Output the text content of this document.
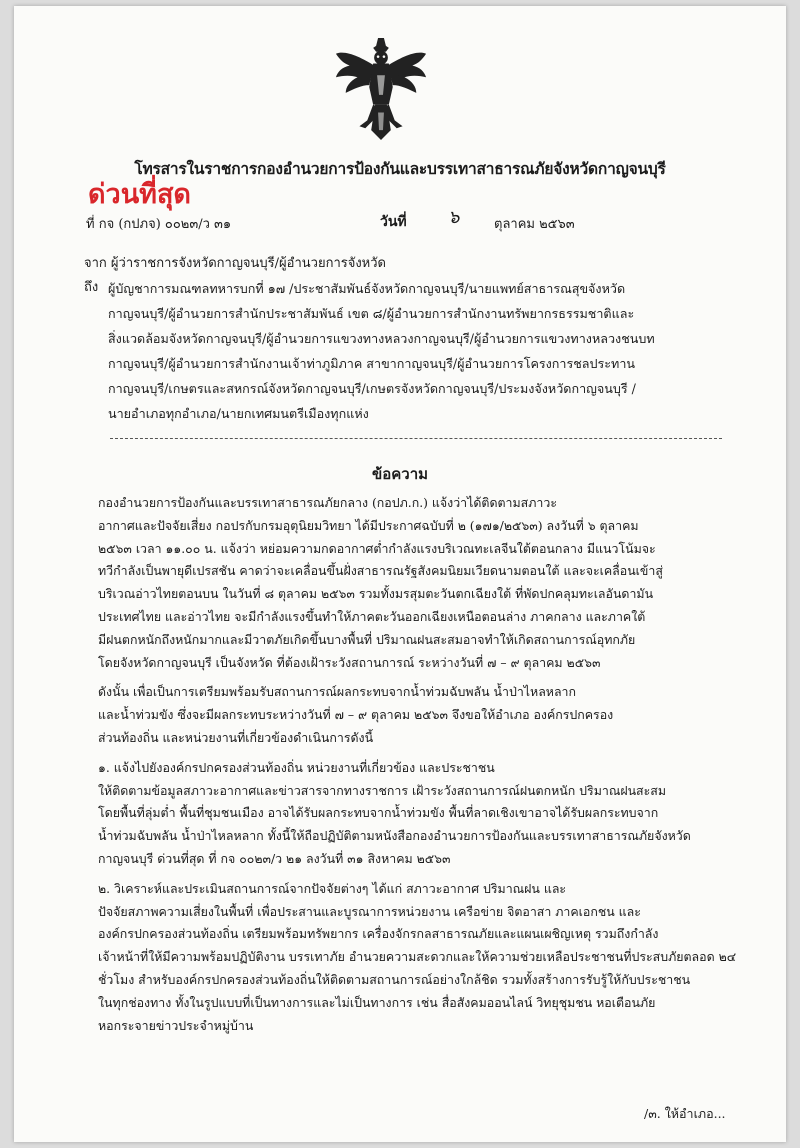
โทรสารในราชการกองอำนวยการป้องกันและบรรเทาสาธารณภัยจังหวัดกาญจนบุรี
ด่วนที่สุด
ที่ กจ (กปภจ) ๐๐๒๓/ว ๓๑	วันที่ ๖	ตุลาคม ๒๕๖๓
จาก ผู้ว่าราชการจังหวัดกาญจนบุรี/ผู้อำนวยการจังหวัด
ถึง ผู้บัญชาการมณฑลทหารบกที่ ๑๗ /ประชาสัมพันธ์จังหวัดกาญจนบุรี/นายแพทย์สาธารณสุขจังหวัด
กาญจนบุรี/ผู้อำนวยการสำนักประชาสัมพันธ์ เขต ๘/ผู้อำนวยการสำนักงานทรัพยากรธรรมชาติและ
สิ่งแวดล้อมจังหวัดกาญจนบุรี/ผู้อำนวยการแขวงทางหลวงกาญจนบุรี/ผู้อำนวยการแขวงทางหลวงชนบท
กาญจนบุรี/ผู้อำนวยการสำนักงานเจ้าท่าภูมิภาค สาขากาญจนบุรี/ผู้อำนวยการโครงการชลประทาน
กาญจนบุรี/เกษตรและสหกรณ์จังหวัดกาญจนบุรี/เกษตรจังหวัดกาญจนบุรี/ประมงจังหวัดกาญจนบุรี /
นายอำเภอทุกอำเภอ/นายกเทศมนตรีเมืองทุกแห่ง
ข้อความ
กองอำนวยการป้องกันและบรรเทาสาธารณภัยกลาง (กอปภ.ก.) แจ้งว่าได้ติดตามสภาวะ
อากาศและปัจจัยเสี่ยง กอปรกับกรมอุตุนิยมวิทยา ได้มีประกาศฉบับที่ ๒ (๑๗๑/๒๕๖๓) ลงวันที่ ๖ ตุลาคม
๒๕๖๓ เวลา ๑๑.๐๐ น. แจ้งว่า หย่อมความกดอากาศต่ำกำลังแรงบริเวณทะเลจีนใต้ตอนกลาง มีแนวโน้มจะ
ทวีกำลังเป็นพายุดีเปรสชัน คาดว่าจะเคลื่อนขึ้นฝั่งสาธารณรัฐสังคมนิยมเวียดนามตอนใต้ และจะเคลื่อนเข้าสู่
บริเวณอ่าวไทยตอนบน ในวันที่ ๘ ตุลาคม ๒๕๖๓ รวมทั้งมรสุมตะวันตกเฉียงใต้ ที่พัดปกคลุมทะเลอันดามัน
ประเทศไทย และอ่าวไทย จะมีกำลังแรงขึ้นทำให้ภาคตะวันออกเฉียงเหนือตอนล่าง ภาคกลาง และภาคใต้
มีฝนตกหนักถึงหนักมากและมีวาตภัยเกิดขึ้นบางพื้นที่ ปริมาณฝนสะสมอาจทำให้เกิดสถานการณ์อุทกภัย
โดยจังหวัดกาญจนบุรี เป็นจังหวัด ที่ต้องเฝ้าระวังสถานการณ์ ระหว่างวันที่ ๗ – ๙ ตุลาคม ๒๕๖๓
ดังนั้น เพื่อเป็นการเตรียมพร้อมรับสถานการณ์ผลกระทบจากน้ำท่วมฉับพลัน น้ำป่าไหลหลาก
และน้ำท่วมขัง ซึ่งจะมีผลกระทบระหว่างวันที่ ๗ – ๙ ตุลาคม ๒๕๖๓ จึงขอให้อำเภอ องค์กรปกครอง
ส่วนท้องถิ่น และหน่วยงานที่เกี่ยวข้องดำเนินการดังนี้
๑. แจ้งไปยังองค์กรปกครองส่วนท้องถิ่น หน่วยงานที่เกี่ยวข้อง และประชาชน
ให้ติดตามข้อมูลสภาวะอากาศและข่าวสารจากทางราชการ เฝ้าระวังสถานการณ์ฝนตกหนัก ปริมาณฝนสะสม
โดยพื้นที่ลุ่มต่ำ พื้นที่ชุมชนเมือง อาจได้รับผลกระทบจากน้ำท่วมขัง พื้นที่ลาดเชิงเขาอาจได้รับผลกระทบจาก
น้ำท่วมฉับพลัน น้ำป่าไหลหลาก ทั้งนี้ให้ถือปฏิบัติตามหนังสือกองอำนวยการป้องกันและบรรเทาสาธารณภัยจังหวัด
กาญจนบุรี ด่วนที่สุด ที่ กจ ๐๐๒๓/ว ๒๑ ลงวันที่ ๓๑ สิงหาคม ๒๕๖๓
๒. วิเคราะห์และประเมินสถานการณ์จากปัจจัยต่างๆ ได้แก่ สภาวะอากาศ ปริมาณฝน และ
ปัจจัยสภาพความเสี่ยงในพื้นที่ เพื่อประสานและบูรณาการหน่วยงาน เครือข่าย จิตอาสา ภาคเอกชน และ
องค์กรปกครองส่วนท้องถิ่น เตรียมพร้อมทรัพยากร เครื่องจักรกลสาธารณภัยและแผนเผชิญเหตุ รวมถึงกำลัง
เจ้าหน้าที่ให้มีความพร้อมปฏิบัติงาน บรรเทาภัย อำนวยความสะดวกและให้ความช่วยเหลือประชาชนที่ประสบภัยตลอด ๒๔
ชั่วโมง สำหรับองค์กรปกครองส่วนท้องถิ่นให้ติดตามสถานการณ์อย่างใกล้ชิด รวมทั้งสร้างการรับรู้ให้กับประชาชน
ในทุกช่องทาง ทั้งในรูปแบบที่เป็นทางการและไม่เป็นทางการ เช่น สื่อสังคมออนไลน์ วิทยุชุมชน หอเตือนภัย
หอกระจายข่าวประจำหมู่บ้าน
/๓. ให้อำเภอ...
